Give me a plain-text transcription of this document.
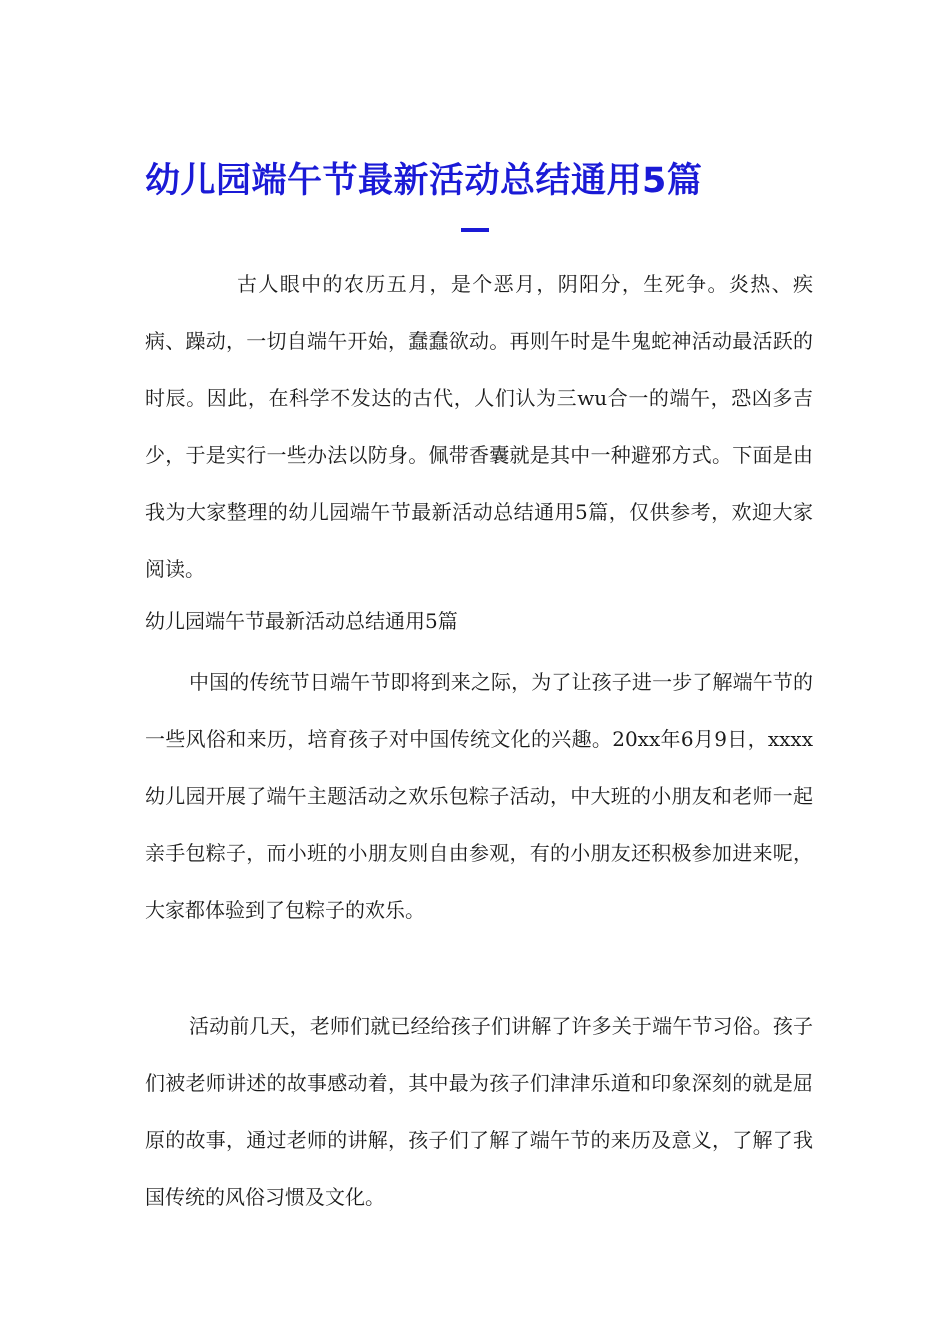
幼儿园端午节最新活动总结通用5篇

古人眼中的农历五月，是个恶月，阴阳分，生死争。炎热、疾病、躁动，一切自端午开始，蠢蠢欲动。再则午时是牛鬼蛇神活动最活跃的时辰。因此，在科学不发达的古代，人们认为三wu合一的端午，恐凶多吉少，于是实行一些办法以防身。佩带香囊就是其中一种避邪方式。下面是由我为大家整理的幼儿园端午节最新活动总结通用5篇，仅供参考，欢迎大家阅读。

幼儿园端午节最新活动总结通用5篇

中国的传统节日端午节即将到来之际，为了让孩子进一步了解端午节的一些风俗和来历，培育孩子对中国传统文化的兴趣。20xx年6月9日，xxxx幼儿园开展了端午主题活动之欢乐包粽子活动，中大班的小朋友和老师一起亲手包粽子，而小班的小朋友则自由参观，有的小朋友还积极参加进来呢，大家都体验到了包粽子的欢乐。

活动前几天，老师们就已经给孩子们讲解了许多关于端午节习俗。孩子们被老师讲述的故事感动着，其中最为孩子们津津乐道和印象深刻的就是屈原的故事，通过老师的讲解，孩子们了解了端午节的来历及意义，了解了我国传统的风俗习惯及文化。
